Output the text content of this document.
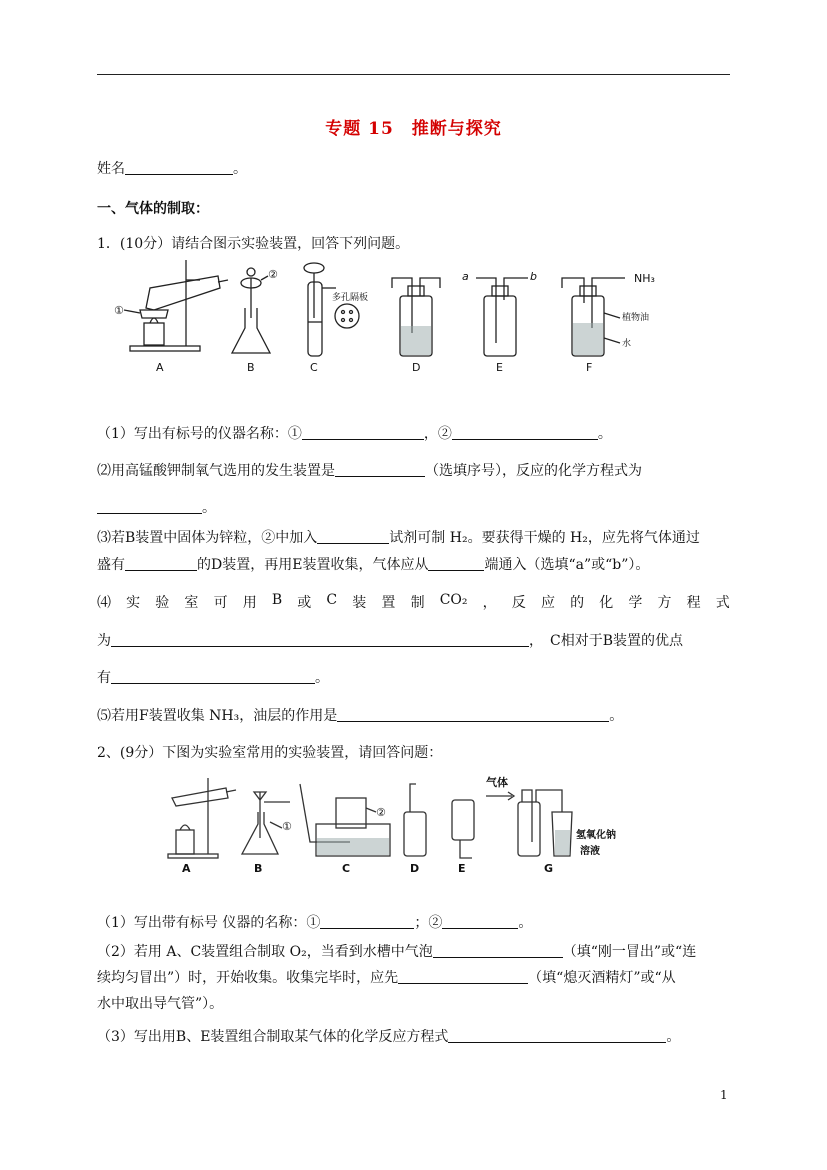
专题 15　推断与探究
姓名	。
一、气体的制取：
1．(10分）请结合图示实验装置，回答下列问题。
①
②
多孔隔板
a	b	NH₃
植物油
水
A	B	C	D	E	F
（1）写出有标号的仪器名称：①	，②	。
⑵用高锰酸钾制氧气选用的发生装置是	（选填序号），反应的化学方程式为
。
⑶若B装置中固体为锌粒，②中加入	试剂可制 H₂。要获得干燥的 H₂，应先将气体通过
盛有	的D装置，再用E装置收集，气体应从	端通入（选填“a”或“b”）。
⑷ 实 验 室 可 用 B 或 C 装 置 制 CO₂ ， 反 应 的 化 学 方 程 式
为	，　C相对于B装置的优点
有	。
⑸若用F装置收集 NH₃，油层的作用是	。
2、(9分）下图为实验室常用的实验装置，请回答问题：
①
②
气体
氢氧化钠
溶液
A	B	C	D	E	G
（1）写出带有标号 仪器的名称：①	；②	。
（2）若用 A、C装置组合制取 O₂，当看到水槽中气泡	（填“刚一冒出”或“连
续均匀冒出”）时，开始收集。收集完毕时，应先	（填“熄灭酒精灯”或“从
水中取出导气管”）。
（3）写出用B、E装置组合制取某气体的化学反应方程式	。
1
